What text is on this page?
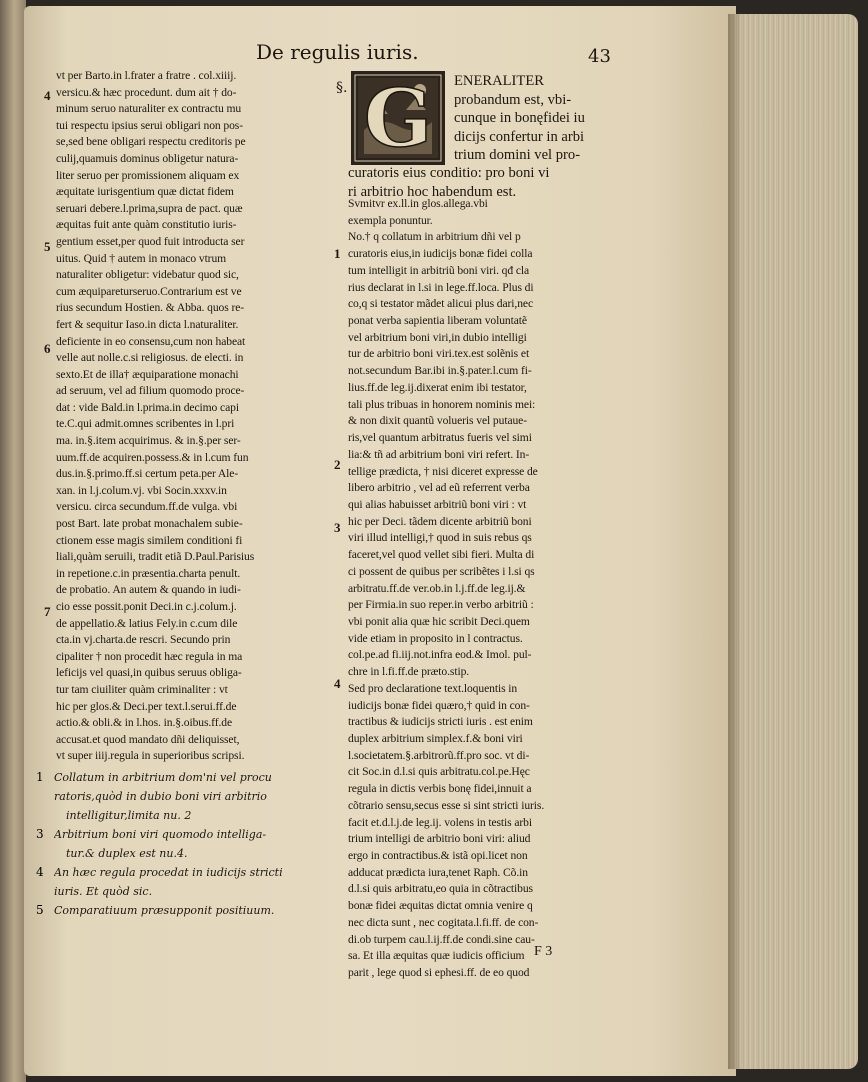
De regulis iuris.	43
§. G ENERALITER
probandum est, vbi-
cunque in bonęfidei iu
dicijs confertur in arbi
trium domini vel pro-
curatoris eius conditio: pro boni vi
ri arbitrio hoc habendum est.
vt per Barto.in l.frater a fratre . col.xiiij.
versicu.& hæc procedunt. dum ait † do-
minum seruo naturaliter ex contractu mu
tui respectu ipsius serui obligari non pos-
se,sed bene obligari respectu creditoris pe
culij,quamuis dominus obligetur natura-
liter seruo per promissionem aliquam ex
æquitate iurisgentium quæ dictat fidem
seruari debere.l.prima,supra de pact. quæ
æquitas fuit ante quàm constitutio iuris-
gentium esset,per quod fuit introducta ser
uitus. Quid † autem in monaco vtrum
naturaliter obligetur: videbatur quod sic,
cum æquipareturseruo.Contrarium est ve
rius secundum Hostien. & Abba. quos re-
fert & sequitur Iaso.in dicta l.naturaliter.
deficiente in eo consensu,cum non habeat
velle aut nolle.c.si religiosus. de electi. in
sexto.Et de illa† æquiparatione monachi
ad seruum, vel ad filium quomodo proce-
dat : vide Bald.in l.prima.in decimo capi
te.C.qui admit.omnes scribentes in l.pri
ma. in.§.item acquirimus. & in.§.per ser-
uum.ff.de acquiren.possess.& in l.cum fun
dus.in.§.primo.ff.si certum peta.per Ale-
xan. in l.j.colum.vj. vbi Socin.xxxv.in
versicu. circa secundum.ff.de vulga. vbi
post Bart. late probat monachalem subie-
ctionem esse magis similem conditioni fi
liali,quàm seruili, tradit etiã D.Paul.Parisius
in repetione.c.in præsentia.charta penult.
de probatio. An autem & quando in iudi-
cio esse possit.ponit Deci.in c.j.colum.j.
de appellatio.& latius Fely.in c.cum dile
cta.in vj.charta.de rescri. Secundo prin
cipaliter † non procedit hæc regula in ma
leficijs vel quasi,in quibus seruus obliga-
tur tam ciuiliter quàm criminaliter : vt
hic per glos.& Deci.per text.l.serui.ff.de
actio.& obli.& in l.hos. in.§.oibus.ff.de
accusat.et quod mandato dñi deliquisset,
vt super iiij.regula in superioribus scripsi.
Svmitvr ex.ll.in glos.allega.vbi
exempla ponuntur.
No.† q collatum in arbitrium dñi vel p
curatoris eius,in iudicijs bonæ fidei colla
tum intelligit in arbitriũ boni viri. qđ cla
rius declarat in l.si in lege.ff.loca. Plus di
co,q si testator mãdet alicui plus dari,nec
ponat verba sapientia liberam voluntatẽ
vel arbitrium boni viri,in dubio intelligi
tur de arbitrio boni viri.tex.est solẽnis et
not.secundum Bar.ibi in.§.pater.l.cum fi-
lius.ff.de leg.ij.dixerat enim ibi testator,
tali plus tribuas in honorem nominis mei:
& non dixit quantũ volueris vel putaue-
ris,vel quantum arbitratus fueris vel simi
lia:& tñ ad arbitrium boni viri refert. In-
tellige prædicta, † nisi diceret expresse de
libero arbitrio , vel ad eũ referrent verba
qui alias habuisset arbitriũ boni viri : vt
hic per Deci. tãdem dicente arbitriũ boni
viri illud intelligi,† quod in suis rebus qs
faceret,vel quod vellet sibi fieri. Multa di
ci possent de quibus per scribẽtes i l.si qs
arbitratu.ff.de ver.ob.in l.j.ff.de leg.ij.&
per Firmia.in suo reper.in verbo arbitriũ :
vbi ponit alia quæ hic scribit Deci.quem
vide etiam in proposito in l contractus.
col.pe.ad fi.iij.not.infra eod.& Imol. pul-
chre in l.fi.ff.de præto.stip.
Sed pro declaratione text.loquentis in
iudicijs bonæ fidei quæro,† quid in con-
tractibus & iudicijs stricti iuris . est enim
duplex arbitrium simplex.f.& boni viri
l.societatem.§.arbitrorũ.ff.pro soc. vt di-
cit Soc.in d.l.si quis arbitratu.col.pe.Hęc
regula in dictis verbis bonę fidei,innuit a
cõtrario sensu,secus esse si sint stricti iuris.
facit et.d.l.j.de leg.ij. volens in testis arbi
trium intelligi de arbitrio boni viri: aliud
ergo in contractibus.& istã opi.licet non
adducat prædicta iura,tenet Raph. Cõ.in
d.l.si quis arbitratu,eo quia in cõtractibus
bonæ fidei æquitas dictat omnia venire q
nec dicta sunt , nec cogitata.l.fi.ff. de con-
di.ob turpem cau.l.ij.ff.de condi.sine cau-
sa. Et illa æquitas quæ iudicis officium
parit , lege quod si ephesi.ff. de eo quod
4
5
6
7
1
2
3
4
1 Collatum in arbitrium dom'ni vel procu
ratoris,quòd in dubio boni viri arbitrio
intelligitur,limita nu. 2
3 Arbitrium boni viri quomodo intelliga-
tur.& duplex est nu.4.
4 An hæc regula procedat in iudicijs stricti
iuris. Et quòd sic.
5 Comparatiuum præsupponit positiuum.
F 3
